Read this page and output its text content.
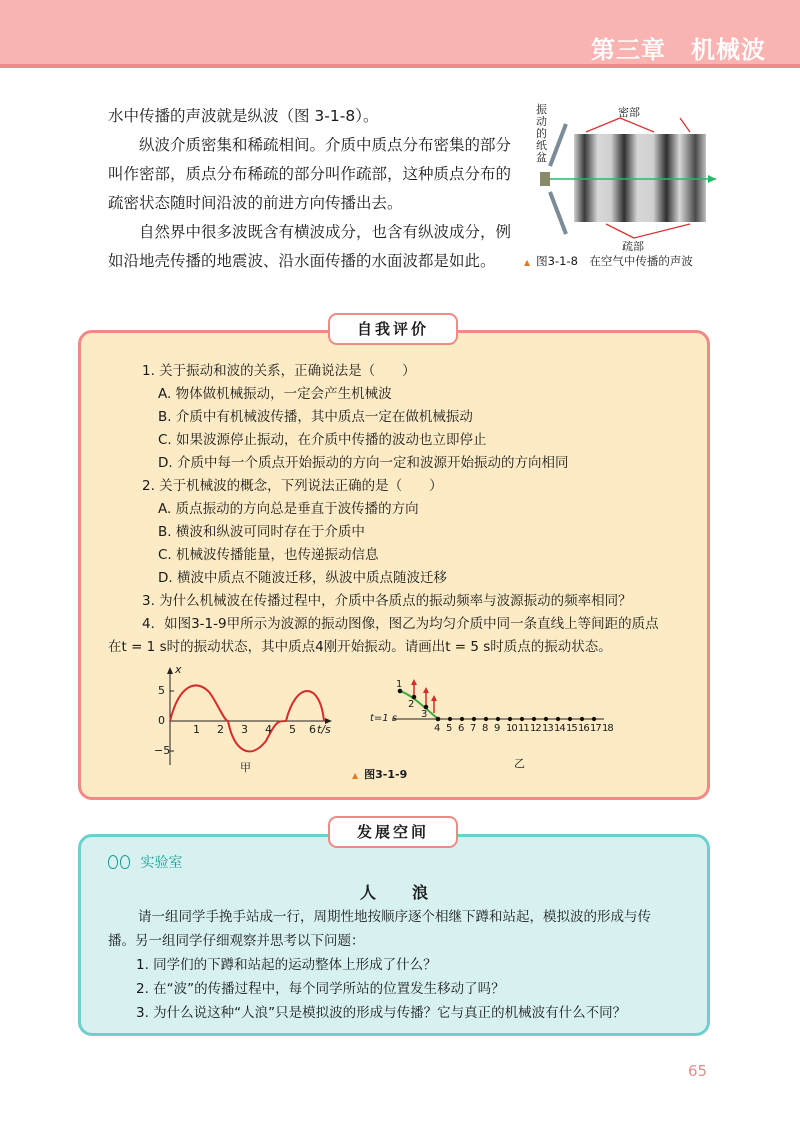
第三章　机械波

水中传播的声波就是纵波（图 3-1-8）。

纵波介质密集和稀疏相间。介质中质点分布密集的部分叫作密部，质点分布稀疏的部分叫作疏部，这种质点分布的疏密状态随时间沿波的前进方向传播出去。

自然界中很多波既含有横波成分，也含有纵波成分，例如沿地壳传播的地震波、沿水面传播的水面波都是如此。

振动的纸盆
密部
疏部
▲ 图3-1-8　在空气中传播的声波
自我评价
1. 关于振动和波的关系，正确说法是（　　）
A. 物体做机械振动，一定会产生机械波
B. 介质中有机械波传播，其中质点一定在做机械振动
C. 如果波源停止振动，在介质中传播的波动也立即停止
D. 介质中每一个质点开始振动的方向一定和波源开始振动的方向相同
2. 关于机械波的概念，下列说法正确的是（　　）
A. 质点振动的方向总是垂直于波传播的方向
B. 横波和纵波可同时存在于介质中
C. 机械波传播能量，也传递振动信息
D. 横波中质点不随波迁移，纵波中质点随波迁移
3. 为什么机械波在传播过程中，介质中各质点的振动频率与波源振动的频率相同？
4．如图3-1-9甲所示为波源的振动图像，图乙为均匀介质中同一条直线上等间距的质点
在t = 1 s时的振动状态，其中质点4刚开始振动。请画出t = 5 s时质点的振动状态。
x
5
0
−5
1 2 3 4 5 6 t/s
甲
t=1 s
1
2
3
4 5 6 7 8 9 101112131415161718
乙
▲ 图3-1-9
发展空间
实验室
人　浪
请一组同学手挽手站成一行，周期性地按顺序逐个相继下蹲和站起，模拟波的形成与传
播。另一组同学仔细观察并思考以下问题：
1. 同学们的下蹲和站起的运动整体上形成了什么？
2. 在“波”的传播过程中，每个同学所站的位置发生移动了吗？
3. 为什么说这种“人浪”只是模拟波的形成与传播？它与真正的机械波有什么不同？
65
